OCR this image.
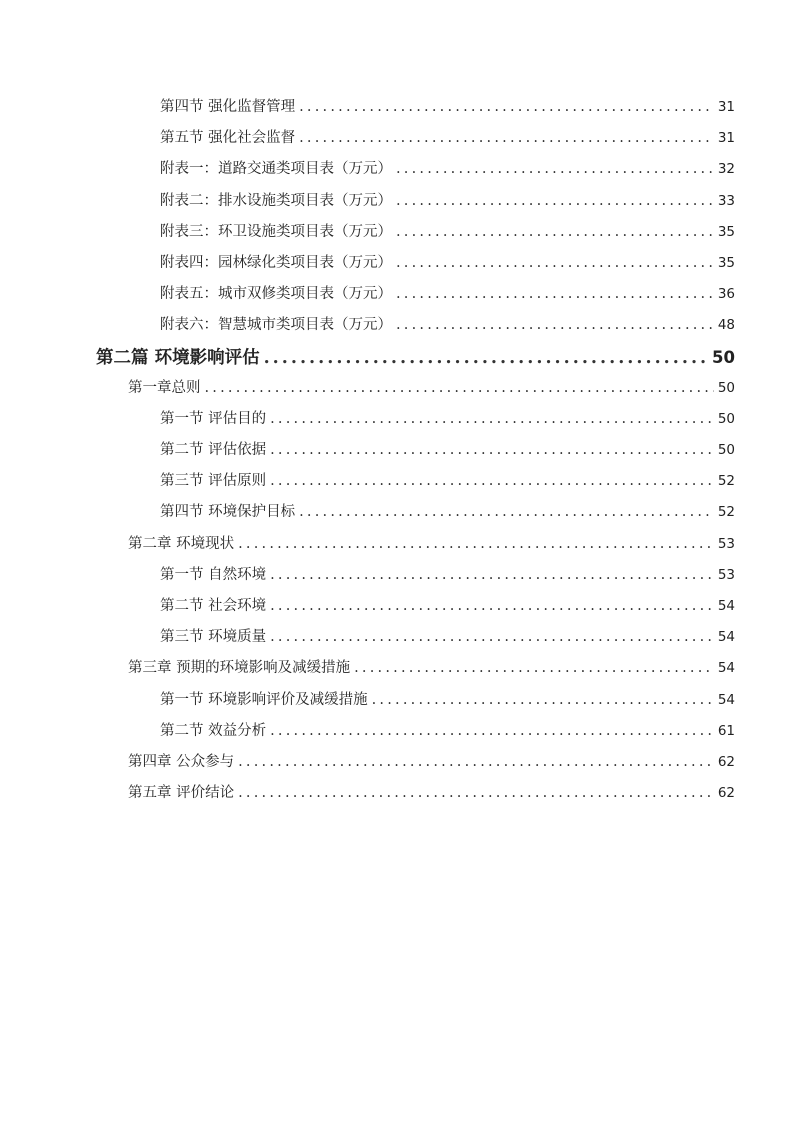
第四节 强化监督管理 .....	31
第五节 强化社会监督 .....	31
附表一：道路交通类项目表（万元） .....	32
附表二：排水设施类项目表（万元） .....	33
附表三：环卫设施类项目表（万元） .....	35
附表四：园林绿化类项目表（万元） .....	35
附表五：城市双修类项目表（万元） .....	36
附表六：智慧城市类项目表（万元） .....	48
第二篇 环境影响评估 .....	50
第一章总则 .....	50
第一节 评估目的 .....	50
第二节 评估依据 .....	50
第三节 评估原则 .....	52
第四节 环境保护目标 .....	52
第二章 环境现状 .....	53
第一节 自然环境 .....	53
第二节 社会环境 .....	54
第三节 环境质量 .....	54
第三章 预期的环境影响及减缓措施 .....	54
第一节 环境影响评价及减缓措施 .....	54
第二节 效益分析 .....	61
第四章 公众参与 .....	62
第五章 评价结论 .....	62
